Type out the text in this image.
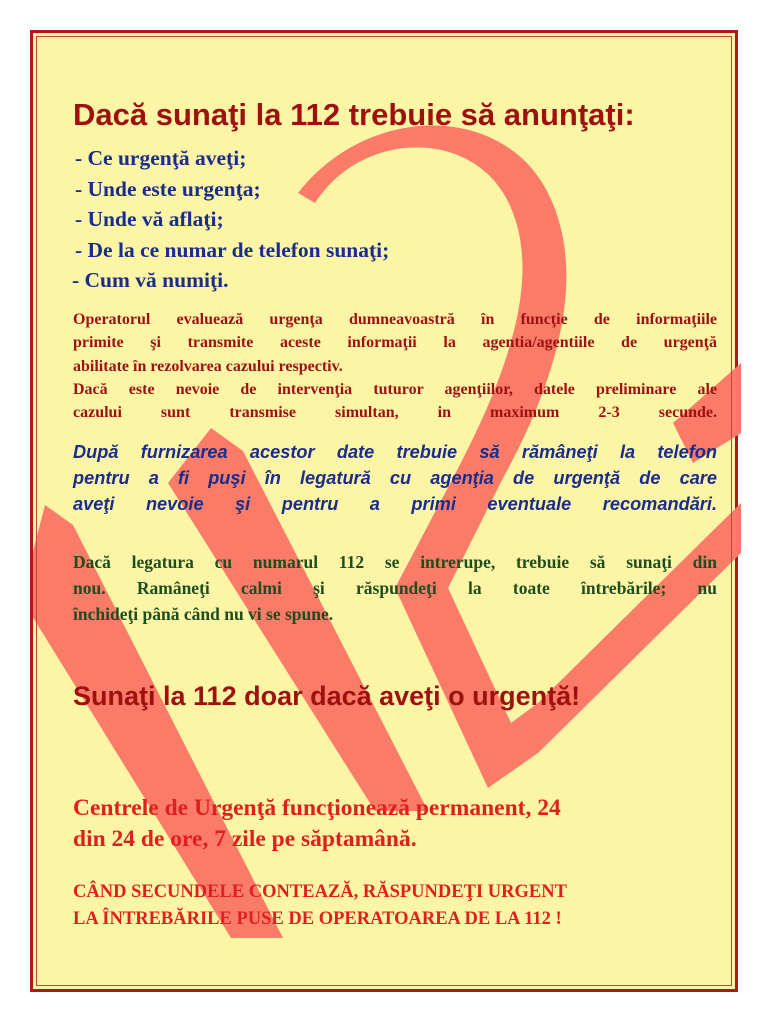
Dacă sunaţi la 112 trebuie să anunţaţi:
- Ce urgenţă aveţi;
- Unde este urgenţa;
- Unde vă aflaţi;
- De la ce numar de telefon sunaţi;
- Cum vă numiţi.

Operatorul evaluează urgenţa dumneavoastră în funcţie de informaţiile
primite şi transmite aceste informaţii la agentia/agentiile de urgenţă
abilitate în rezolvarea cazului respectiv.
Dacă este nevoie de intervenţia tuturor agenţiilor, datele preliminare ale
cazului sunt transmise simultan, in maximum 2-3 secunde.

După furnizarea acestor date trebuie să rămâneţi la telefon
pentru a fi puşi în legatură cu agenţia de urgenţă de care
aveţi nevoie şi pentru a primi eventuale recomandări.

Dacă legatura cu numarul 112 se intrerupe, trebuie să sunaţi din
nou. Ramâneţi calmi şi răspundeţi la toate întrebările; nu
închideţi până când nu vi se spune.

Sunaţi la 112 doar dacă aveţi o urgenţă!

Centrele de Urgenţă funcţionează permanent, 24
din 24 de ore, 7 zile pe săptamână.

CÂND SECUNDELE CONTEAZĂ, RĂSPUNDEŢI URGENT
LA ÎNTREBĂRILE PUSE DE OPERATOAREA DE LA 112 !
